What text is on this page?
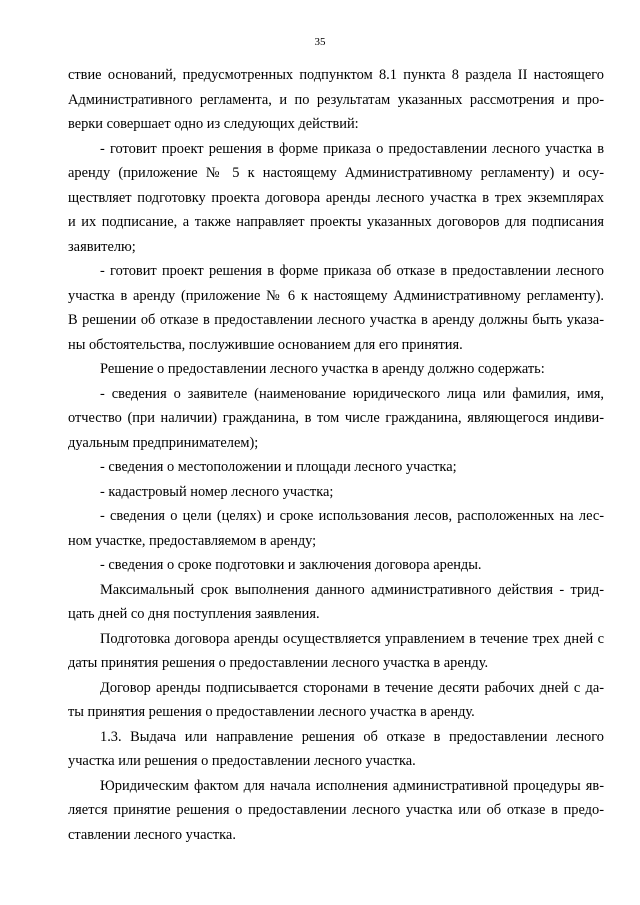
35
ствие оснований, предусмотренных подпунктом 8.1 пункта 8 раздела II настоящего
Административного регламента, и по результатам указанных рассмотрения и про-
верки совершает одно из следующих действий:
- готовит проект решения в форме приказа о предоставлении лесного участка в
аренду (приложение № 5 к настоящему Административному регламенту) и осу-
ществляет подготовку проекта договора аренды лесного участка в трех экземплярах
и их подписание, а также направляет проекты указанных договоров для подписания
заявителю;
- готовит проект решения в форме приказа об отказе в предоставлении лесного
участка в аренду (приложение № 6 к настоящему Административному регламенту).
В решении об отказе в предоставлении лесного участка в аренду должны быть указа-
ны обстоятельства, послужившие основанием для его принятия.
Решение о предоставлении лесного участка в аренду должно содержать:
- сведения о заявителе (наименование юридического лица или фамилия, имя,
отчество (при наличии) гражданина, в том числе гражданина, являющегося индиви-
дуальным предпринимателем);
- сведения о местоположении и площади лесного участка;
- кадастровый номер лесного участка;
- сведения о цели (целях) и сроке использования лесов, расположенных на лес-
ном участке, предоставляемом в аренду;
- сведения о сроке подготовки и заключения договора аренды.
Максимальный срок выполнения данного административного действия - трид-
цать дней со дня поступления заявления.
Подготовка договора аренды осуществляется управлением в течение трех дней с
даты принятия решения о предоставлении лесного участка в аренду.
Договор аренды подписывается сторонами в течение десяти рабочих дней с да-
ты принятия решения о предоставлении лесного участка в аренду.
1.3. Выдача или направление решения об отказе в предоставлении лесного
участка или решения о предоставлении лесного участка.
Юридическим фактом для начала исполнения административной процедуры яв-
ляется принятие решения о предоставлении лесного участка или об отказе в предо-
ставлении лесного участка.
